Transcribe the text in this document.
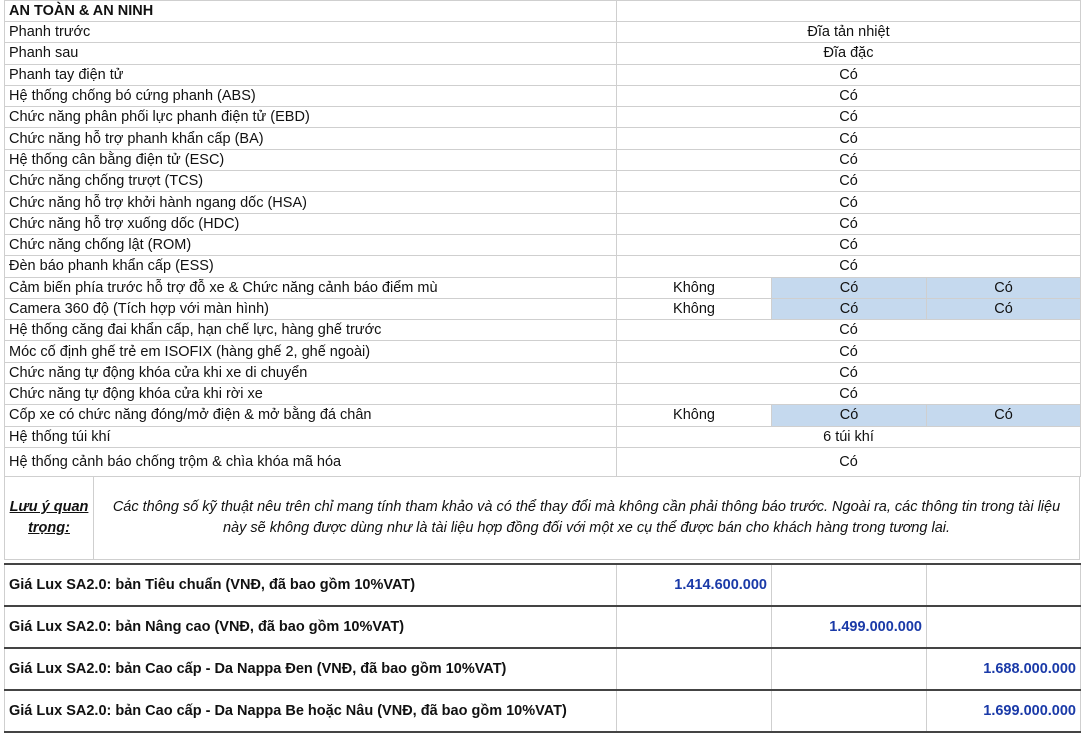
AN TOÀN & AN NINH			
Phanh trước	Đĩa tản nhiệt		
Phanh sau	Đĩa đặc		
Phanh tay điện tử	Có		
Hệ thống chống bó cứng phanh (ABS)	Có		
Chức năng phân phối lực phanh điện tử (EBD)	Có		
Chức năng hỗ trợ phanh khẩn cấp (BA)	Có		
Hệ thống cân bằng điện tử (ESC)	Có		
Chức năng chống trượt (TCS)	Có		
Chức năng hỗ trợ khởi hành ngang dốc (HSA)	Có		
Chức năng hỗ trợ xuống dốc (HDC)	Có		
Chức năng chống lật (ROM)	Có		
Đèn báo phanh khẩn cấp (ESS)	Có		
Cảm biến phía trước hỗ trợ đỗ xe & Chức năng cảnh báo điểm mù	Không	Có	Có
Camera 360 độ (Tích hợp với màn hình)	Không	Có	Có
Hệ thống căng đai khẩn cấp, hạn chế lực, hàng ghế trước	Có		
Móc cố định ghế trẻ em ISOFIX (hàng ghế 2, ghế ngoài)	Có		
Chức năng tự động khóa cửa khi xe di chuyển	Có		
Chức năng tự động khóa cửa khi rời xe	Có		
Cốp xe có chức năng đóng/mở điện & mở bằng đá chân	Không	Có	Có
Hệ thống túi khí	6 túi khí		
Hệ thống cảnh báo chống trộm & chìa khóa mã hóa	Có		
Lưu ý quan trọng:
Các thông số kỹ thuật nêu trên chỉ mang tính tham khảo và có thể thay đổi mà không cần phải thông báo trước. Ngoài ra, các thông tin trong tài liệu này sẽ không được dùng như là tài liệu hợp đồng đối với một xe cụ thể được bán cho khách hàng trong tương lai.
Giá Lux SA2.0: bản Tiêu chuẩn (VNĐ, đã bao gồm 10%VAT)	1.414.600.000		
Giá Lux SA2.0: bản Nâng cao (VNĐ, đã bao gồm 10%VAT)		1.499.000.000	
Giá Lux SA2.0: bản Cao cấp - Da Nappa Đen (VNĐ, đã bao gồm 10%VAT)			1.688.000.000
Giá Lux SA2.0: bản Cao cấp - Da Nappa Be hoặc Nâu (VNĐ, đã bao gồm 10%VAT)			1.699.000.000
